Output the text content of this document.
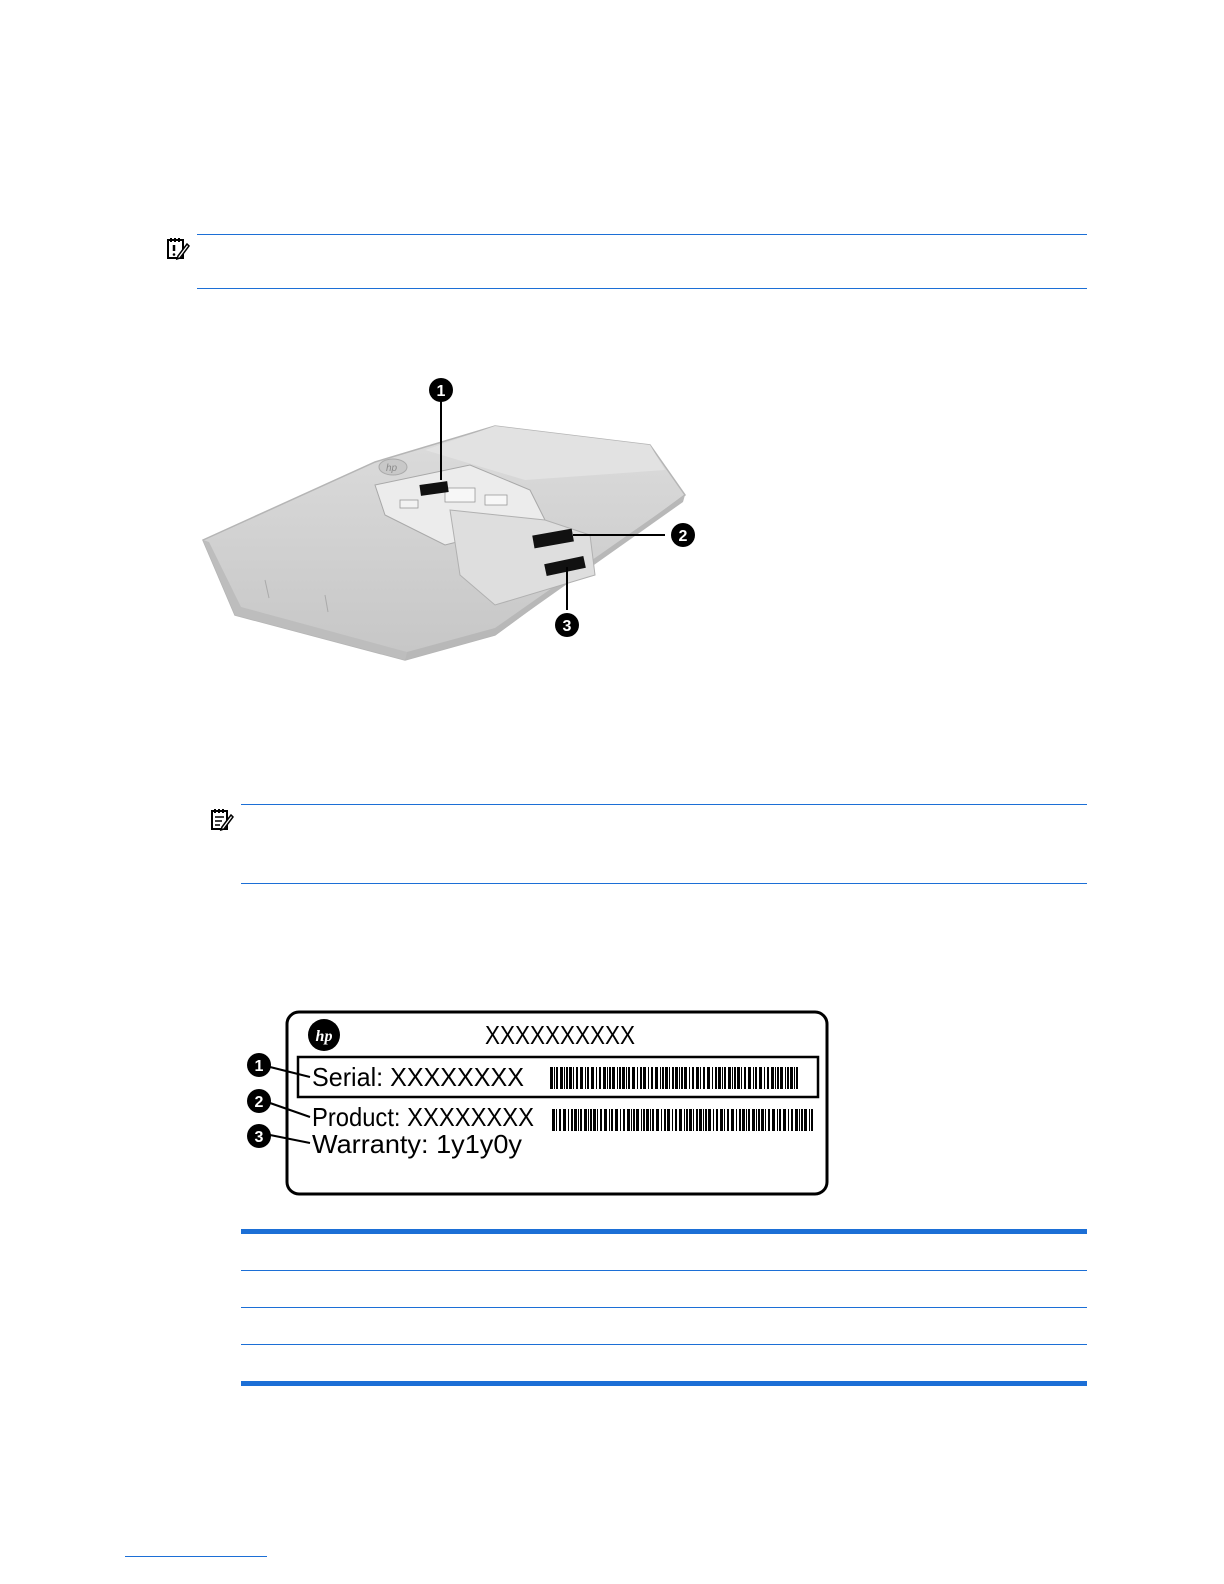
hp
1
2
3
hp	XXXXXXXXXX
Serial: XXXXXXXX
Product: XXXXXXXX
Warranty: 1y1y0y
1
2
3
